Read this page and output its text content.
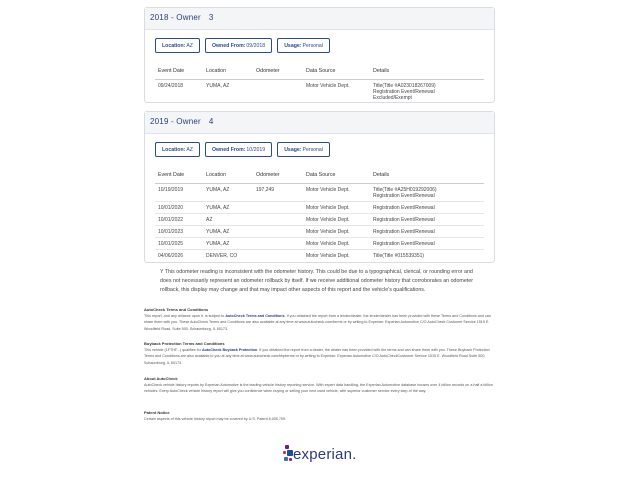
2018 - Owner 3
Location: AZ	Owned From: 09/2018	Usage: Personal
Event Date	Location	Odometer	Data Source	Details
09/24/2018	YUMA, AZ		Motor Vehicle Dept.	Title(Title #A023018267009)
Registration Event/Renewal
Excluded/Exempt
2019 - Owner 4
Location: AZ	Owned From: 10/2019	Usage: Personal
Event Date	Location	Odometer	Data Source	Details
10/19/2019	YUMA, AZ	197,249	Motor Vehicle Dept.	Title(Title #A25H019292006)
Registration Event/Renewal

10/01/2020	YUMA, AZ		Motor Vehicle Dept.	Registration Event/Renewal

10/01/2022	AZ		Motor Vehicle Dept.	Registration Event/Renewal

10/01/2023	YUMA, AZ		Motor Vehicle Dept.	Registration Event/Renewal

10/01/2025	YUMA, AZ		Motor Vehicle Dept.	Registration Event/Renewal

04/06/2026	DENVER, CO		Motor Vehicle Dept.	Title(Title #015539351)

Y This odometer reading is inconsistent with the odometer history. This could be due to a typographical, clerical, or rounding error and does not necessarily represent an odometer rollback by itself. If we receive additional odometer history that corroborates an odometer rollback, this display may change and that may impact other aspects of this report and the vehicle's qualifications.

AutoCheck Terms and Conditions
This report, and any reliance upon it, is subject to AutoCheck Terms and Conditions. If you obtained the report from a lender/dealer, the lender/dealer has been provided with these Terms and Conditions and can share them with you. These AutoCheck Terms and Conditions are also available at any time at www.autocheck.com/terms or by writing to Experian: Experian Automotive C/O AutoCheck Customer Service 1515 E. Woodfield Road, Suite 500, Schaumburg, IL 60173.
Buyback Protection Terms and Conditions
This vehicle (1FTHF...) qualifies for AutoCheck Buyback Protection. If you obtained the report from a dealer, the dealer has been provided with the terms and can share them with you. These Buyback Protection Terms and Conditions are also available to you at any time at www.autocheck.com/bbpterms or by writing to Experian: Experian Automotive C/O AutoCheckCustomer Service 1515 E. Woodfield Road Suite 500, Schaumburg, IL 60173.
About AutoCheck
AutoCheck vehicle history reports by Experian Automotive is the leading vehicle history reporting service. With expert data handling, the Experian Automotive database houses over 4 billion records on a half a billion vehicles. Every AutoCheck vehicle history report will give you confidence when buying or selling your next used vehicle, with superior customer service every step of the way.
Patent Notice
Certain aspects of this vehicle history report may be covered by U.S. Patent 8,005,759.
experian.
